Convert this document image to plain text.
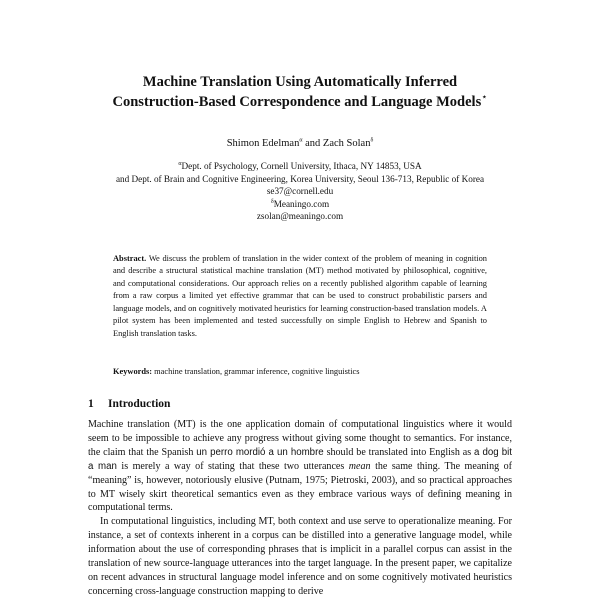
Machine Translation Using Automatically Inferred
Construction-Based Correspondence and Language Models⋆
Shimon Edelman$^\alpha$ and Zach Solan$^\delta$
$^\alpha$Dept. of Psychology, Cornell University, Ithaca, NY 14853, USA
and Dept. of Brain and Cognitive Engineering, Korea University, Seoul 136-713, Republic of Korea
se37@cornell.edu
$^\delta$Meaningo.com
zsolan@meaningo.com
Abstract. We discuss the problem of translation in the wider context of the problem of meaning in cognition and describe a structural statistical machine translation (MT) method motivated by philosophical, cognitive, and computational considerations. Our approach relies on a recently published algorithm capable of learning from a raw corpus a limited yet effective grammar that can be used to construct probabilistic parsers and language models, and on cognitively motivated heuristics for learning construction-based translation models. A pilot system has been implemented and tested successfully on simple English to Hebrew and Spanish to English translation tasks.
Keywords: machine translation, grammar inference, cognitive linguistics
1 Introduction

Machine translation (MT) is the one application domain of computational linguistics where it would seem to be impossible to achieve any progress without giving some thought to semantics. For instance, the claim that the Spanish un perro mordió a un hombre should be translated into English as a dog bit a man is merely a way of stating that these two utterances mean the same thing. The meaning of “meaning” is, however, notoriously elusive (Putnam, 1975; Pietroski, 2003), and so practical approaches to MT wisely skirt theoretical semantics even as they embrace various ways of defining meaning in computational terms.

In computational linguistics, including MT, both context and use serve to operationalize meaning. For instance, a set of contexts inherent in a corpus can be distilled into a generative language model, while information about the use of corresponding phrases that is implicit in a parallel corpus can assist in the translation of new source-language utterances into the target language. In the present paper, we capitalize on recent advances in structural language model inference and on some cognitively motivated heuristics concerning cross-language construction mapping to derive
